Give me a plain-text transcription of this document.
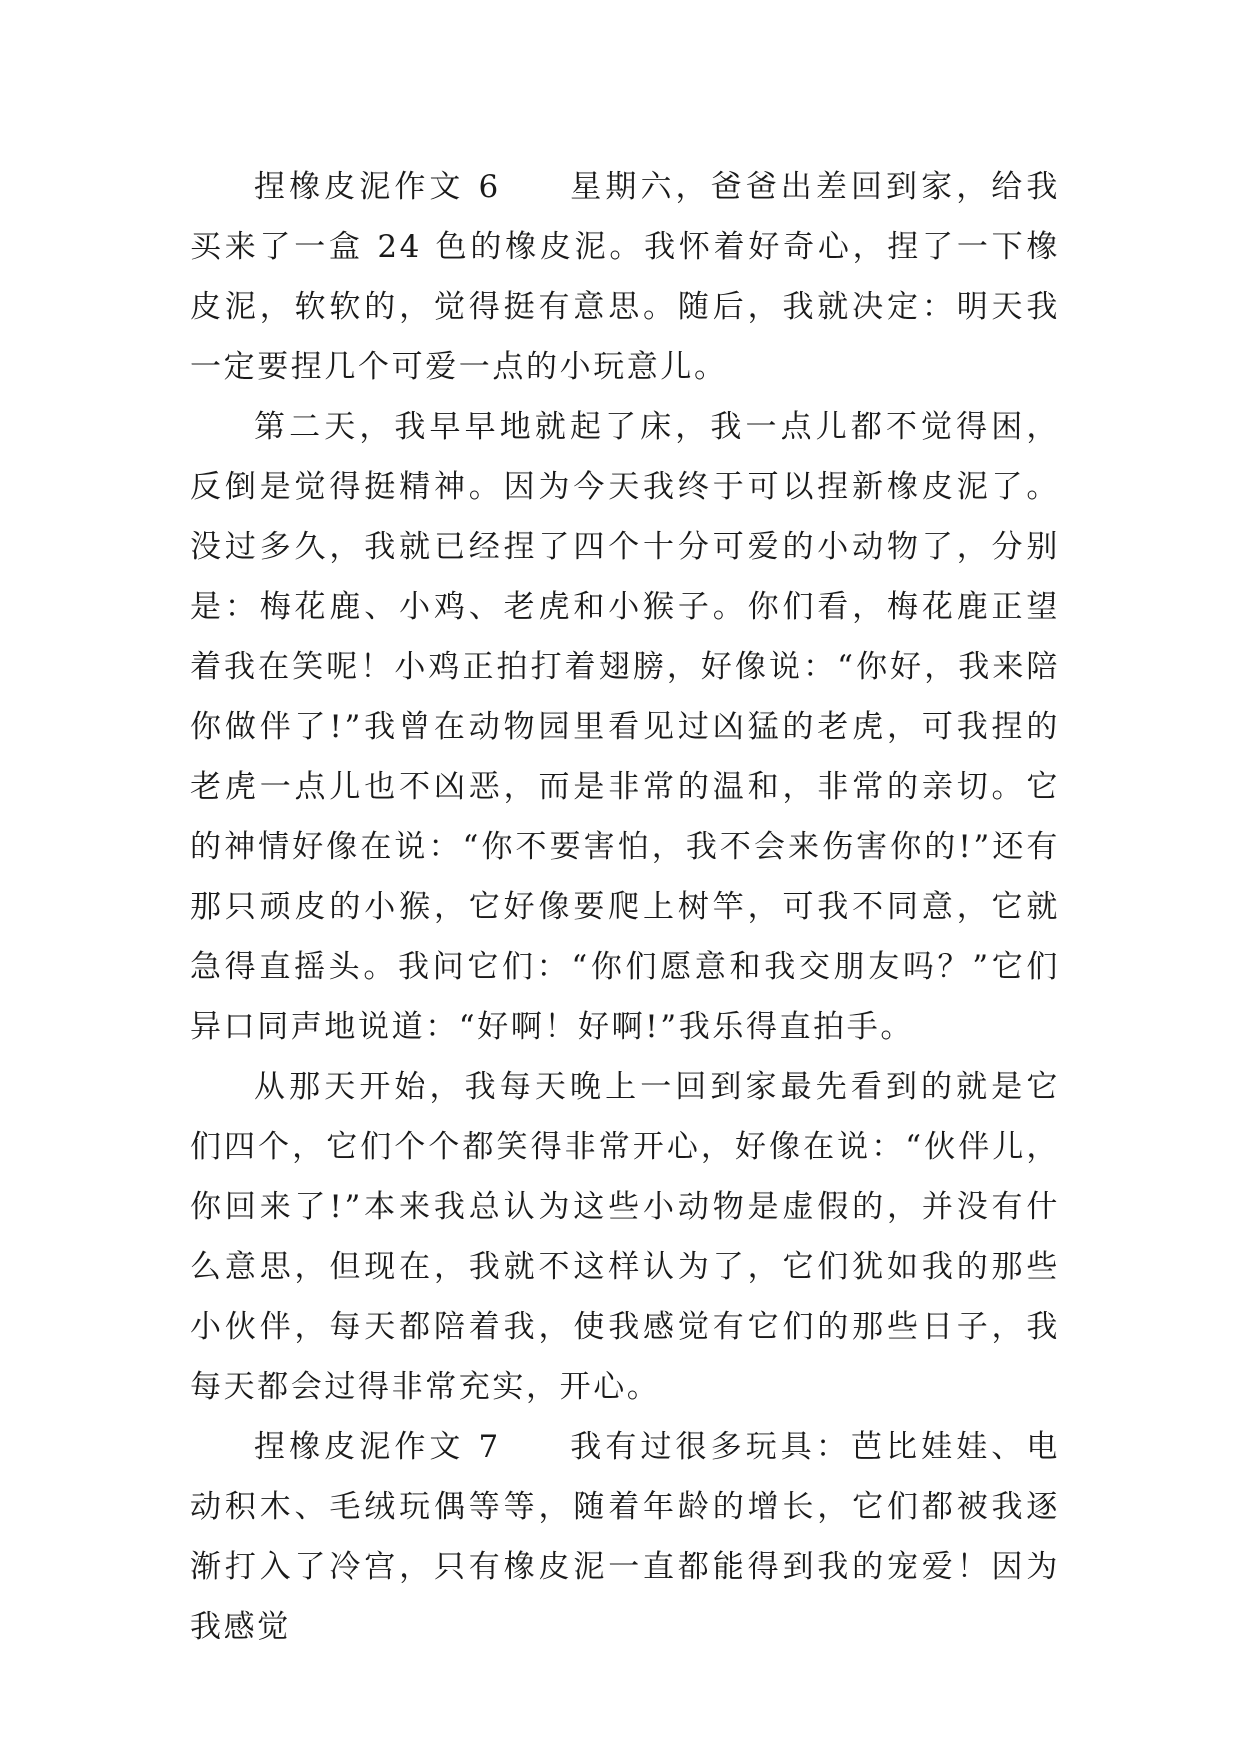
捏橡皮泥作文 6 星期六，爸爸出差回到家，给我买来了一盒 24 色的橡皮泥。我怀着好奇心，捏了一下橡皮泥，软软的，觉得挺有意思。随后，我就决定：明天我一定要捏几个可爱一点的小玩意儿。

第二天，我早早地就起了床，我一点儿都不觉得困，反倒是觉得挺精神。因为今天我终于可以捏新橡皮泥了。没过多久，我就已经捏了四个十分可爱的小动物了，分别是：梅花鹿、小鸡、老虎和小猴子。你们看，梅花鹿正望着我在笑呢！小鸡正拍打着翅膀，好像说：“你好，我来陪你做伴了!”我曾在动物园里看见过凶猛的老虎，可我捏的老虎一点儿也不凶恶，而是非常的温和，非常的亲切。它的神情好像在说：“你不要害怕，我不会来伤害你的!”还有那只顽皮的小猴，它好像要爬上树竿，可我不同意，它就急得直摇头。我问它们：“你们愿意和我交朋友吗？”它们异口同声地说道：“好啊！好啊!”我乐得直拍手。

从那天开始，我每天晚上一回到家最先看到的就是它们四个，它们个个都笑得非常开心，好像在说：“伙伴儿，你回来了!”本来我总认为这些小动物是虚假的，并没有什么意思，但现在，我就不这样认为了，它们犹如我的那些小伙伴，每天都陪着我，使我感觉有它们的那些日子，我每天都会过得非常充实，开心。

捏橡皮泥作文 7 我有过很多玩具：芭比娃娃、电动积木、毛绒玩偶等等，随着年龄的增长，它们都被我逐渐打入了冷宫，只有橡皮泥一直都能得到我的宠爱！因为我感觉
